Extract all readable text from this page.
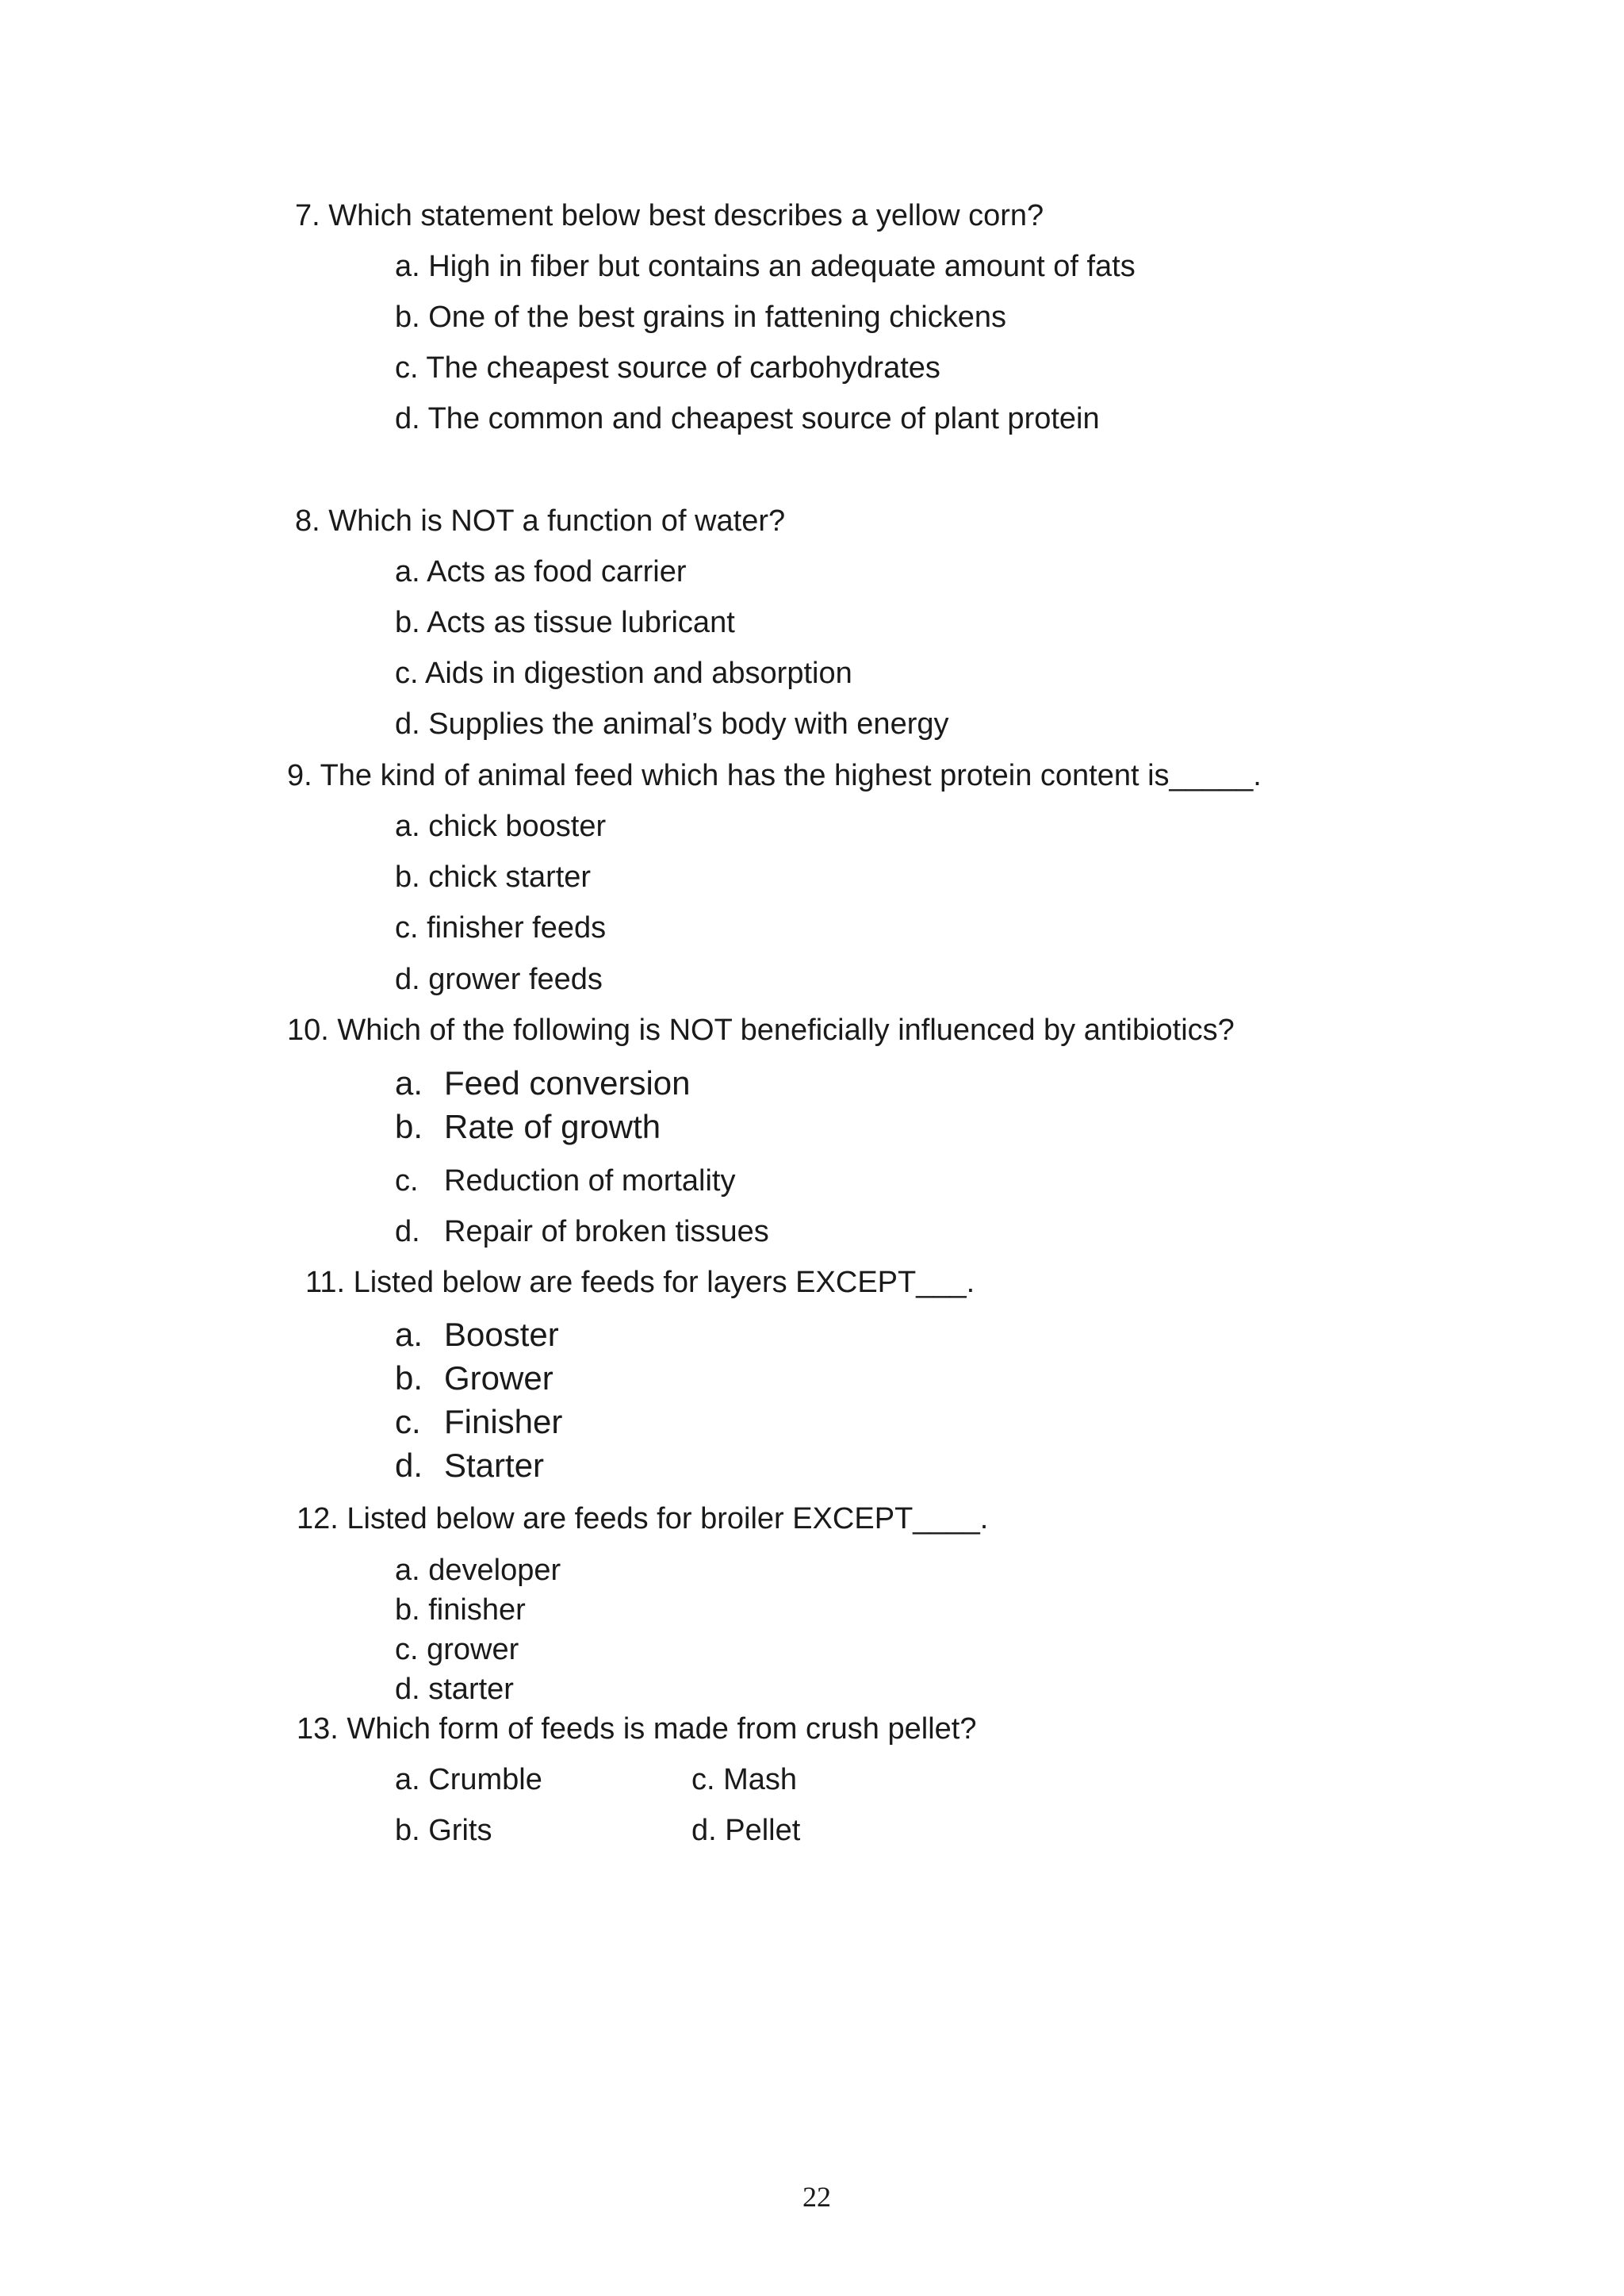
7. Which statement below best describes a yellow corn?
a. High in fiber but contains an adequate amount of fats
b. One of the best grains in fattening chickens
c. The cheapest source of carbohydrates
d. The common and cheapest source of plant protein
8. Which is NOT a function of water?
a. Acts as food carrier
b. Acts as tissue lubricant
c. Aids in digestion and absorption
d. Supplies the animal’s body with energy
9. The kind of animal feed which has the highest protein content is_____.
a. chick booster
b. chick starter
c. finisher feeds
d. grower feeds
10. Which of the following is NOT beneficially influenced by antibiotics?
a. Feed conversion
b. Rate of growth
c. Reduction of mortality
d. Repair of broken tissues
11. Listed below are feeds for layers EXCEPT___.
a. Booster
b. Grower
c. Finisher
d. Starter
12. Listed below are feeds for broiler EXCEPT____.
a. developer
b. finisher
c. grower
d. starter
13. Which form of feeds is made from crush pellet?
a. Crumble	c. Mash
b. Grits	d. Pellet
22
